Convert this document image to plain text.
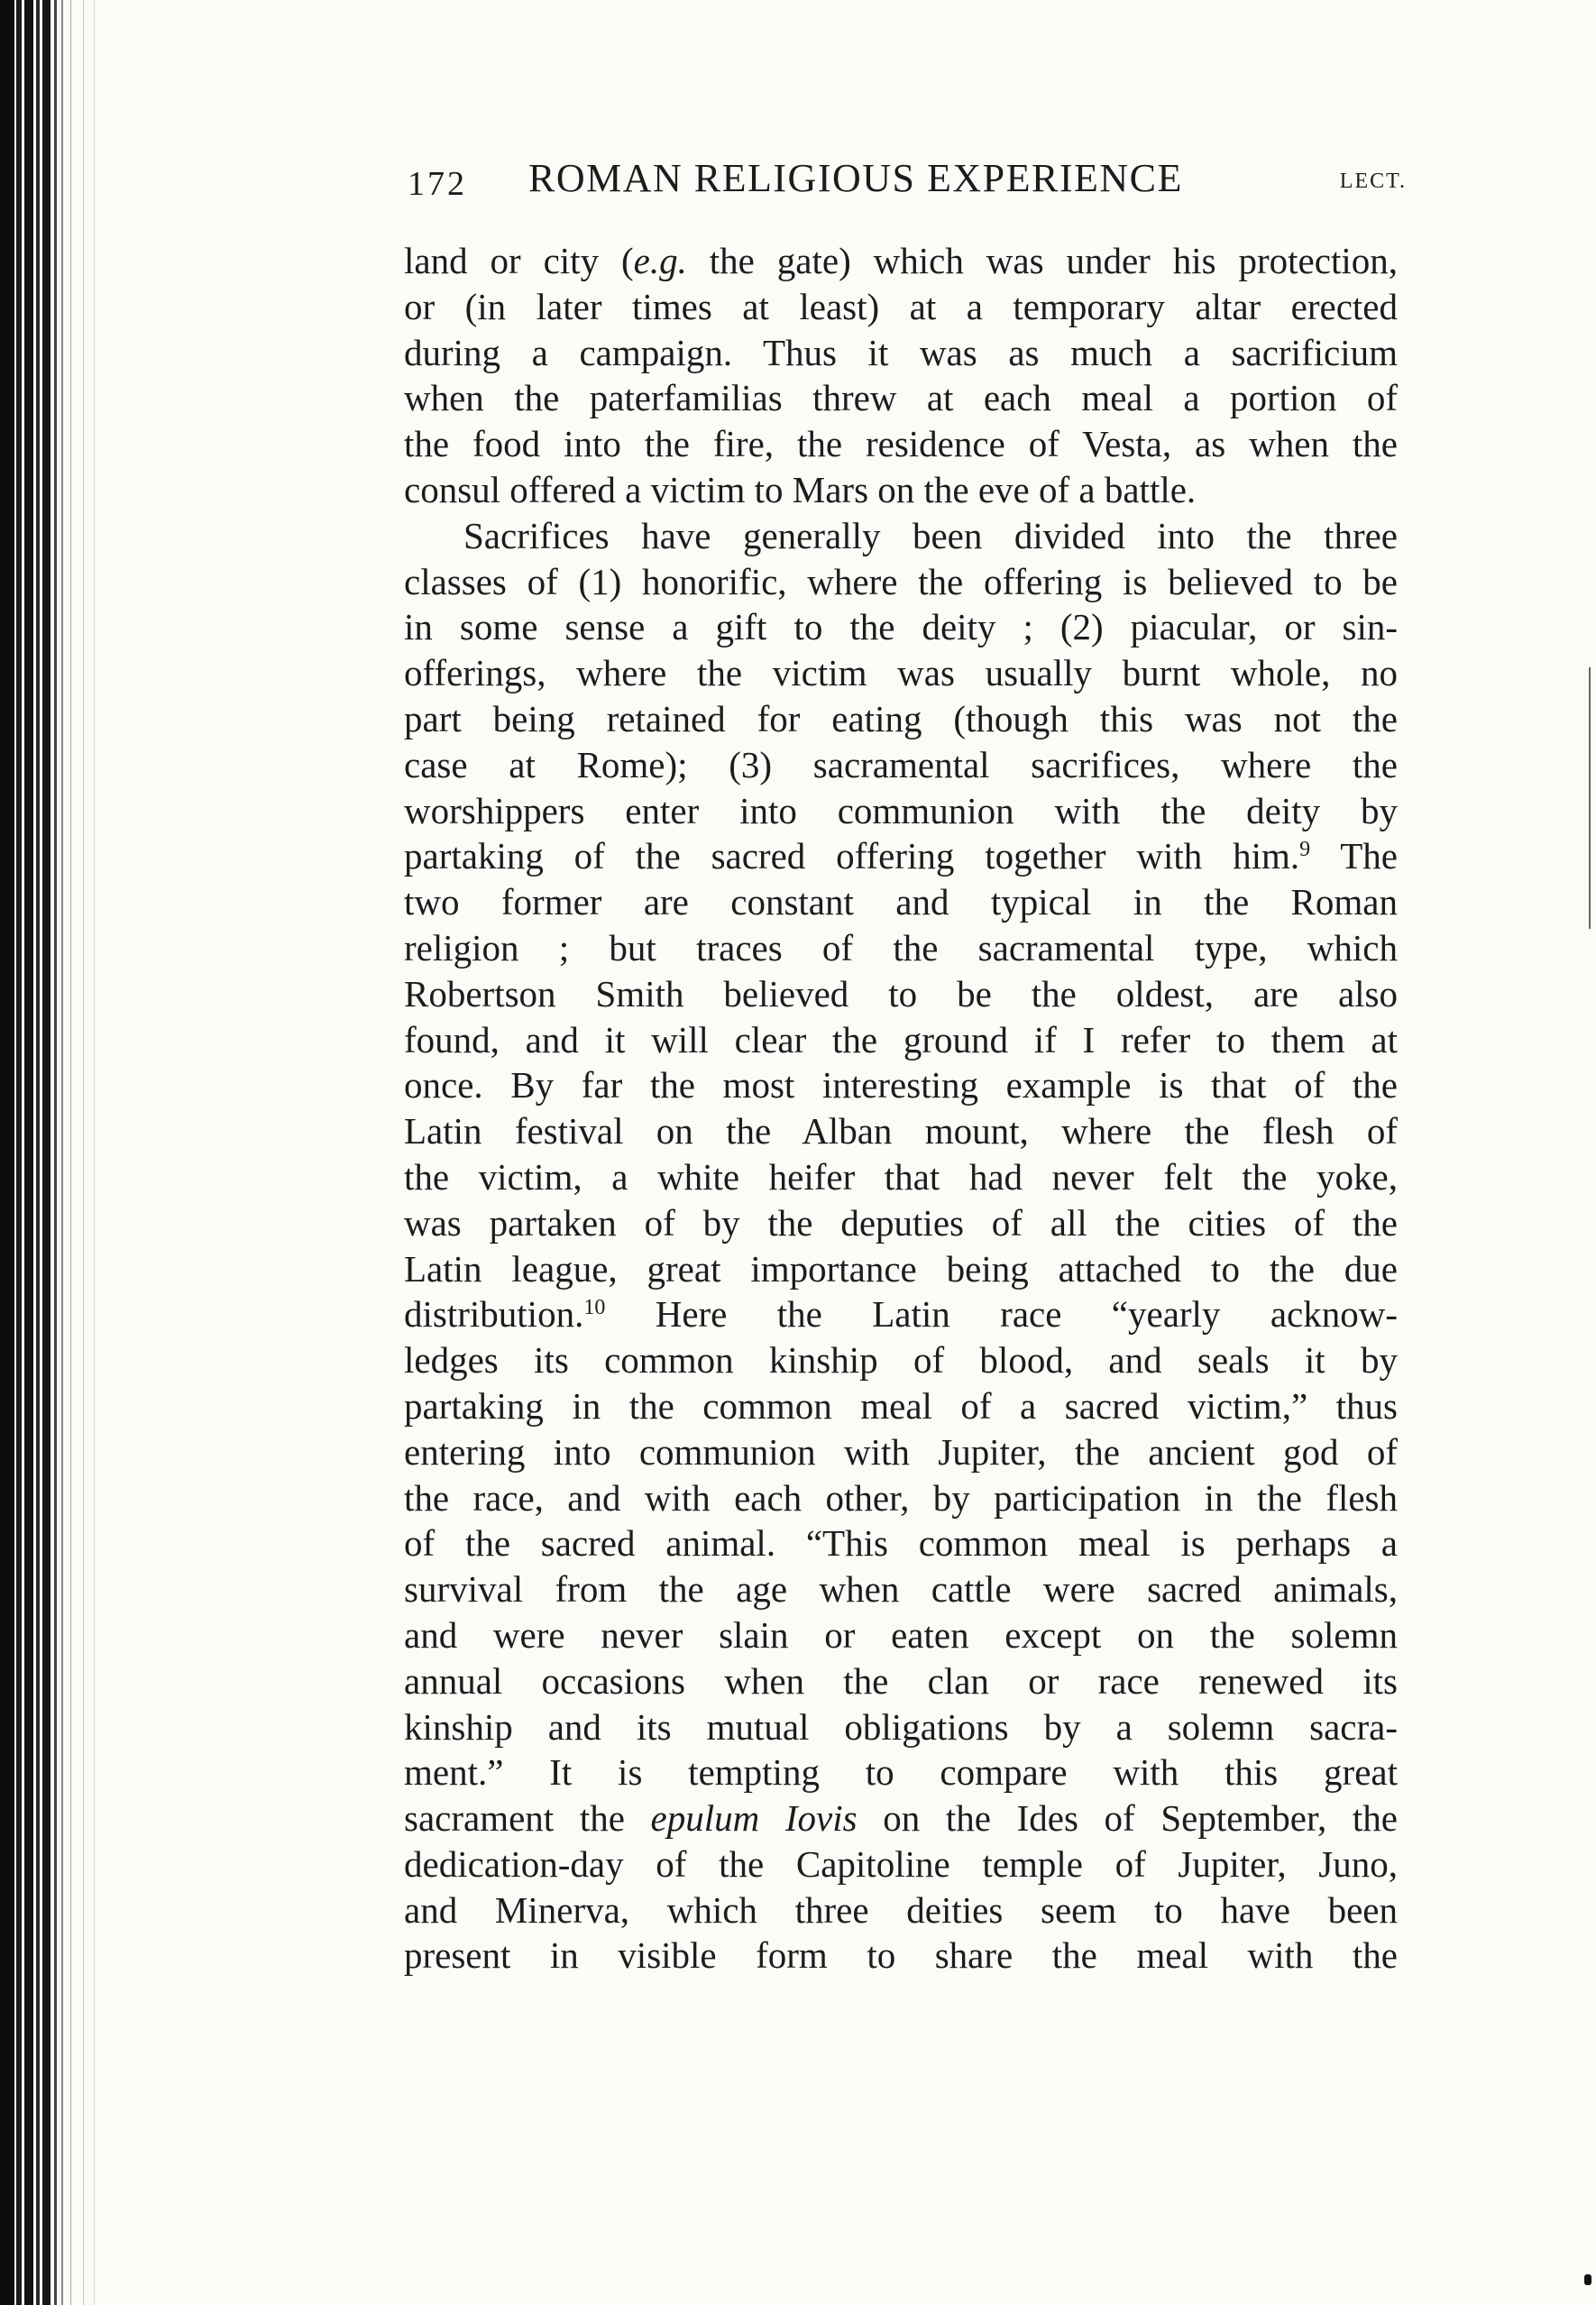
172 ROMAN RELIGIOUS EXPERIENCE	LECT.
land or city (e.g. the gate) which was under his protection,
or (in later times at least) at a temporary altar erected
during a campaign. Thus it was as much a sacrificium
when the paterfamilias threw at each meal a portion of
the food into the fire, the residence of Vesta, as when the
consul offered a victim to Mars on the eve of a battle.
Sacrifices have generally been divided into the three
classes of (1) honorific, where the offering is believed to be
in some sense a gift to the deity ; (2) piacular, or sin-
offerings, where the victim was usually burnt whole, no
part being retained for eating (though this was not the
case at Rome); (3) sacramental sacrifices, where the
worshippers enter into communion with the deity by
partaking of the sacred offering together with him.$^9$ The
two former are constant and typical in the Roman
religion ; but traces of the sacramental type, which
Robertson Smith believed to be the oldest, are also
found, and it will clear the ground if I refer to them at
once. By far the most interesting example is that of the
Latin festival on the Alban mount, where the flesh of
the victim, a white heifer that had never felt the yoke,
was partaken of by the deputies of all the cities of the
Latin league, great importance being attached to the due
distribution.$^{10}$ Here the Latin race “yearly acknow-
ledges its common kinship of blood, and seals it by
partaking in the common meal of a sacred victim,” thus
entering into communion with Jupiter, the ancient god of
the race, and with each other, by participation in the flesh
of the sacred animal. “This common meal is perhaps a
survival from the age when cattle were sacred animals,
and were never slain or eaten except on the solemn
annual occasions when the clan or race renewed its
kinship and its mutual obligations by a solemn sacra-
ment.” It is tempting to compare with this great
sacrament the epulum Iovis on the Ides of September, the
dedication-day of the Capitoline temple of Jupiter, Juno,
and Minerva, which three deities seem to have been
present in visible form to share the meal with the
